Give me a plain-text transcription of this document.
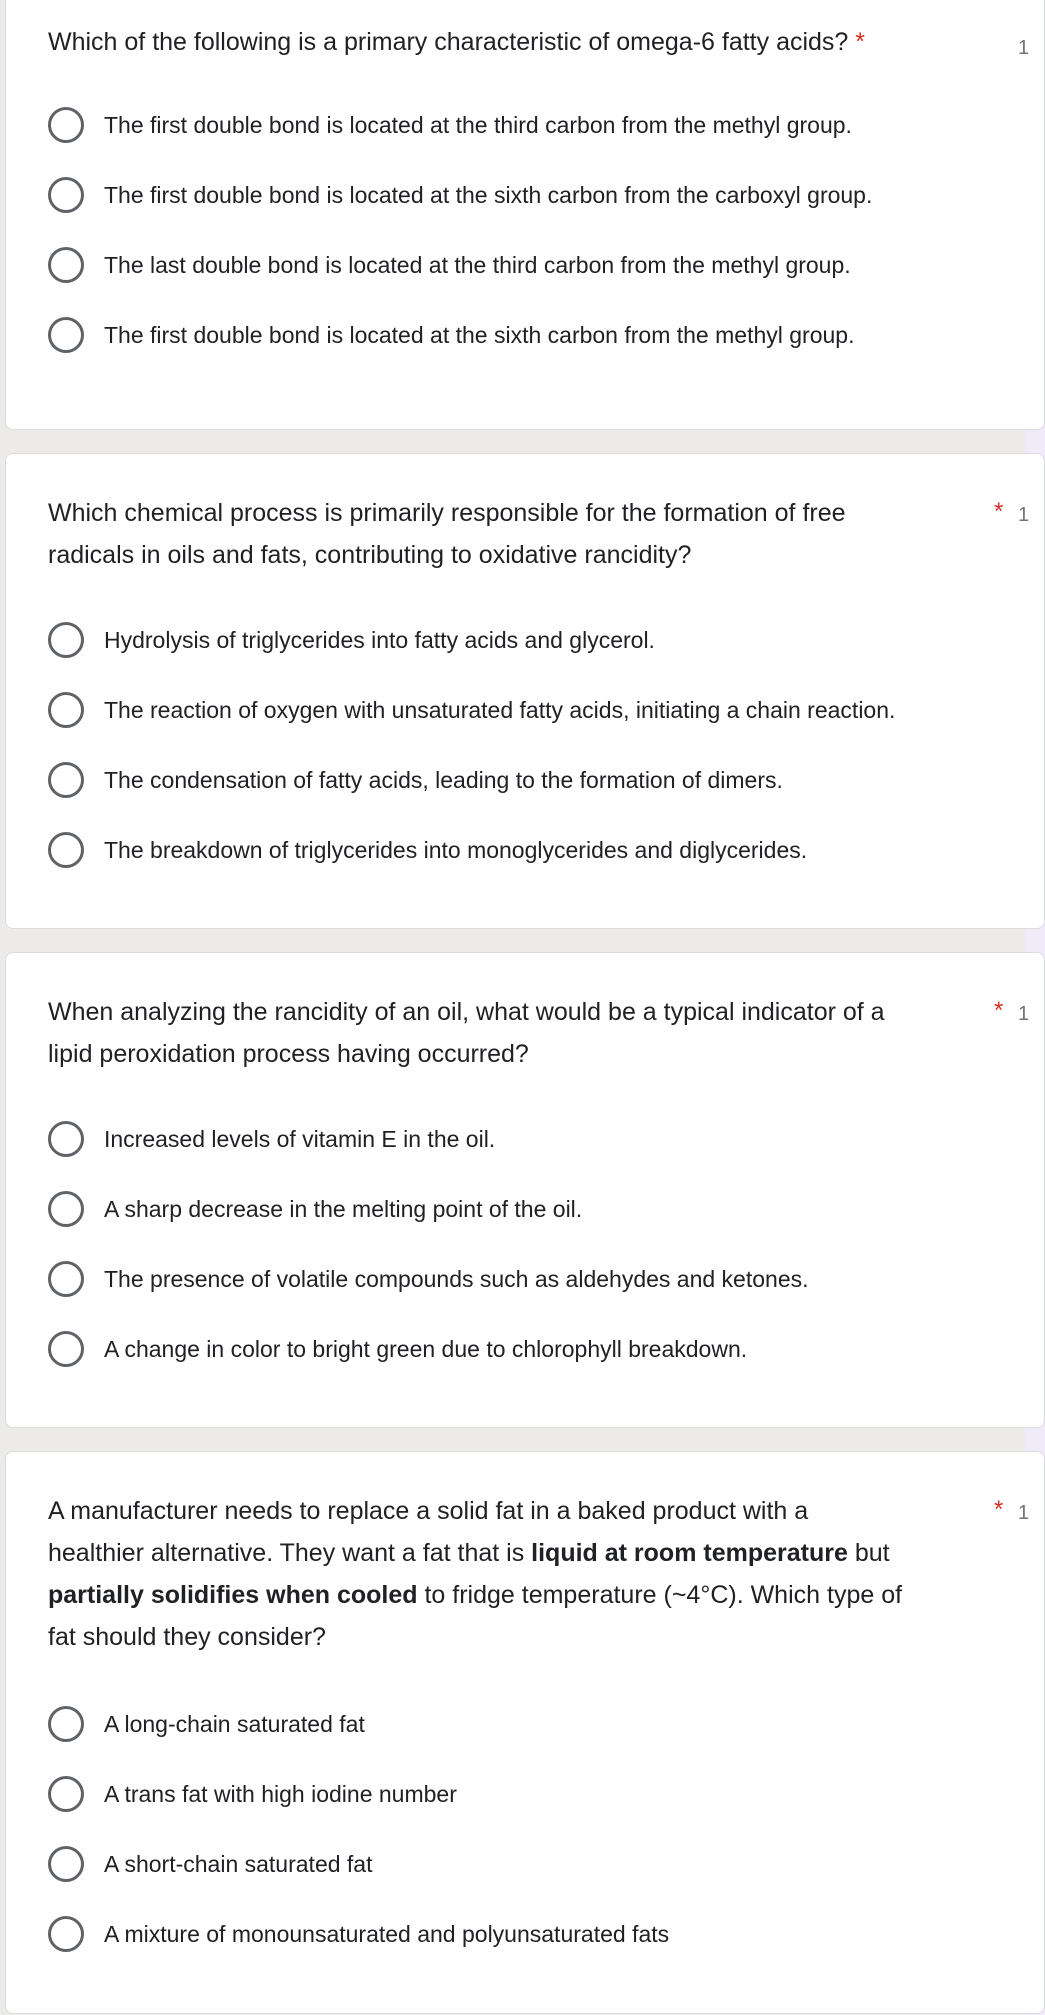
Which of the following is a primary characteristic of omega-6 fatty acids? *	1
The first double bond is located at the third carbon from the methyl group.
The first double bond is located at the sixth carbon from the carboxyl group.
The last double bond is located at the third carbon from the methyl group.
The first double bond is located at the sixth carbon from the methyl group.
Which chemical process is primarily responsible for the formation of free
radicals in oils and fats, contributing to oxidative rancidity?
* 1
Hydrolysis of triglycerides into fatty acids and glycerol.
The reaction of oxygen with unsaturated fatty acids, initiating a chain reaction.
The condensation of fatty acids, leading to the formation of dimers.
The breakdown of triglycerides into monoglycerides and diglycerides.
When analyzing the rancidity of an oil, what would be a typical indicator of a
lipid peroxidation process having occurred?
* 1
Increased levels of vitamin E in the oil.
A sharp decrease in the melting point of the oil.
The presence of volatile compounds such as aldehydes and ketones.
A change in color to bright green due to chlorophyll breakdown.
A manufacturer needs to replace a solid fat in a baked product with a
healthier alternative. They want a fat that is liquid at room temperature but
partially solidifies when cooled to fridge temperature (~4°C). Which type of
fat should they consider?
* 1
A long-chain saturated fat
A trans fat with high iodine number
A short-chain saturated fat
A mixture of monounsaturated and polyunsaturated fats
